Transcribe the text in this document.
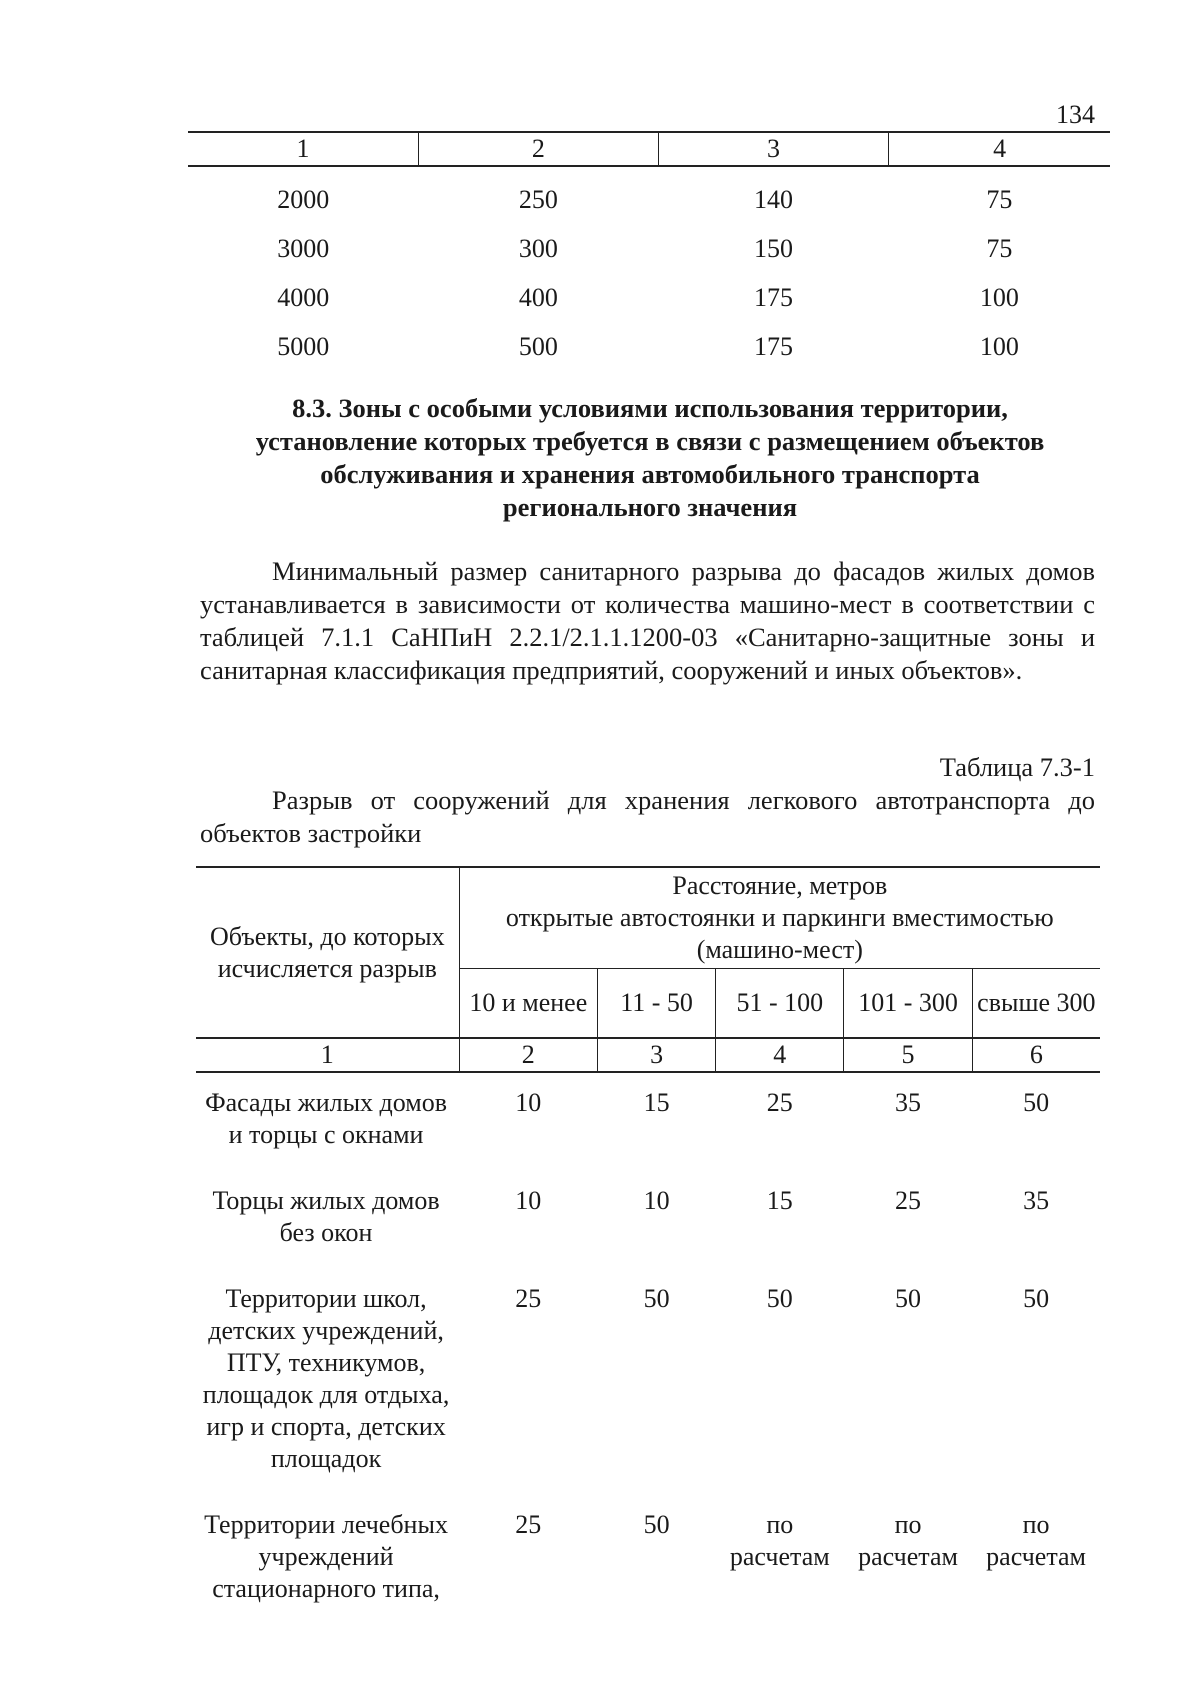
134
1	2	3	4
2000	250	140	75
3000	300	150	75
4000	400	175	100
5000	500	175	100
8.3. Зоны с особыми условиями использования территории,
установление которых требуется в связи с размещением объектов
обслуживания и хранения автомобильного транспорта
регионального значения
Минимальный размер санитарного разрыва до фасадов жилых домов устанавливается в зависимости от количества машино-мест в соответствии с таблицей 7.1.1 СаНПиН 2.2.1/2.1.1.1200-03 «Санитарно-защитные зоны и санитарная классификация предприятий, сооружений и иных объектов».
Таблица 7.3-1
Разрыв от сооружений для хранения легкового автотранспорта до объектов застройки
Объекты, до которых исчисляется разрыв	Расстояние, метров
открытые автостоянки и паркинги вместимостью
(машино-мест)				

	10 и менее	11 - 50	51 - 100	101 - 300	свыше 300
1	2	3	4	5	6
Фасады жилых домов и торцы с окнами	10	15	25	35	50
Торцы жилых домов без окон	10	10	15	25	35
Территории школ, детских учреждений, ПТУ, техникумов, площадок для отдыха, игр и спорта, детских площадок	25	50	50	50	50
Территории лечебных учреждений стационарного типа,	25	50	по расчетам	по расчетам	по расчетам
